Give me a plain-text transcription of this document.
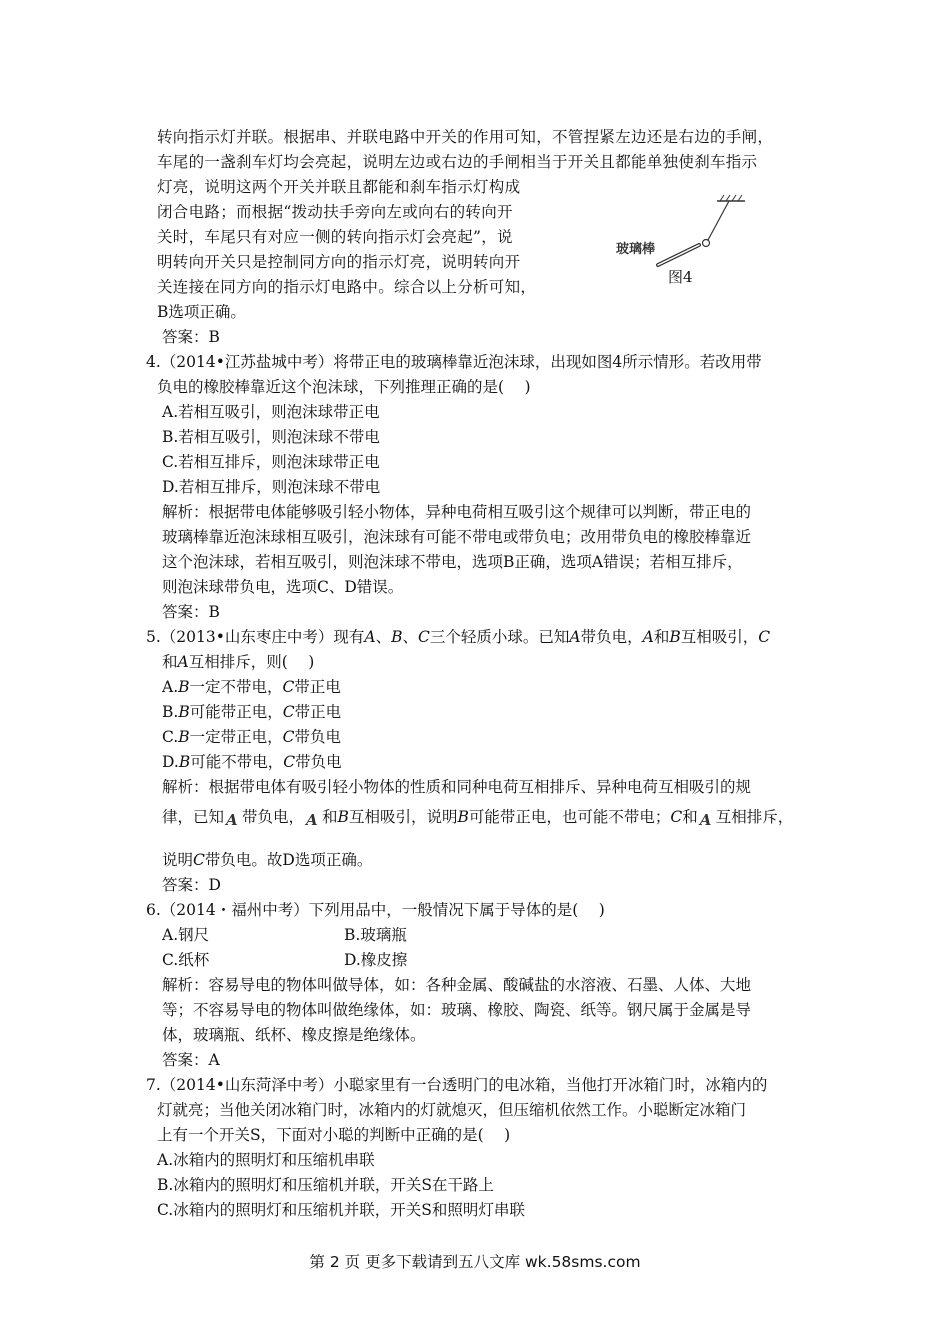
转向指示灯并联。根据串、并联电路中开关的作用可知，不管捏紧左边还是右边的手闸，
车尾的一盏刹车灯均会亮起，说明左边或右边的手闸相当于开关且都能单独使刹车指示
灯亮，说明这两个开关并联且都能和刹车指示灯构成
闭合电路；而根据“拨动扶手旁向左或向右的转向开
关时，车尾只有对应一侧的转向指示灯会亮起”，说
明转向开关只是控制同方向的指示灯亮，说明转向开
关连接在同方向的指示灯电路中。综合以上分析可知，
B选项正确。
答案：B
玻璃棒
图4
4.（2014•江苏盐城中考）将带正电的玻璃棒靠近泡沫球，出现如图4所示情形。若改用带
负电的橡胶棒靠近这个泡沫球，下列推理正确的是(　 )
A.若相互吸引，则泡沫球带正电
B.若相互吸引，则泡沫球不带电
C.若相互排斥，则泡沫球带正电
D.若相互排斥，则泡沫球不带电
解析：根据带电体能够吸引轻小物体，异种电荷相互吸引这个规律可以判断，带正电的
玻璃棒靠近泡沫球相互吸引，泡沫球有可能不带电或带负电；改用带负电的橡胶棒靠近
这个泡沫球，若相互吸引，则泡沫球不带电，选项B正确，选项A错误；若相互排斥，
则泡沫球带负电，选项C、D错误。
答案：B
5.（2013•山东枣庄中考）现有A、B、C三个轻质小球。已知A带负电，A和B互相吸引，C
和A互相排斥，则(　 )
A.B一定不带电，C带正电
B.B可能带正电，C带正电
C.B一定带正电，C带负电
D.B可能不带电，C带负电
解析：根据带电体有吸引轻小物体的性质和同种电荷互相排斥、异种电荷互相吸引的规
律，已知 A 带负电， A 和B互相吸引，说明B可能带正电，也可能不带电；C和 A 互相排斥，
说明C带负电。故D选项正确。
答案：D
6.（2014・福州中考）下列用品中，一般情况下属于导体的是(　 )
A.钢尺	B.玻璃瓶
C.纸杯	D.橡皮擦
解析：容易导电的物体叫做导体，如：各种金属、酸碱盐的水溶液、石墨、人体、大地
等；不容易导电的物体叫做绝缘体，如：玻璃、橡胶、陶瓷、纸等。钢尺属于金属是导
体，玻璃瓶、纸杯、橡皮擦是绝缘体。
答案：A
7.（2014•山东菏泽中考）小聪家里有一台透明门的电冰箱，当他打开冰箱门时，冰箱内的
灯就亮；当他关闭冰箱门时，冰箱内的灯就熄灭，但压缩机依然工作。小聪断定冰箱门
上有一个开关S，下面对小聪的判断中正确的是(　 )
A.冰箱内的照明灯和压缩机串联
B.冰箱内的照明灯和压缩机并联，开关S在干路上
C.冰箱内的照明灯和压缩机并联，开关S和照明灯串联
第 2 页 更多下载请到五八文库 wk.58sms.com
